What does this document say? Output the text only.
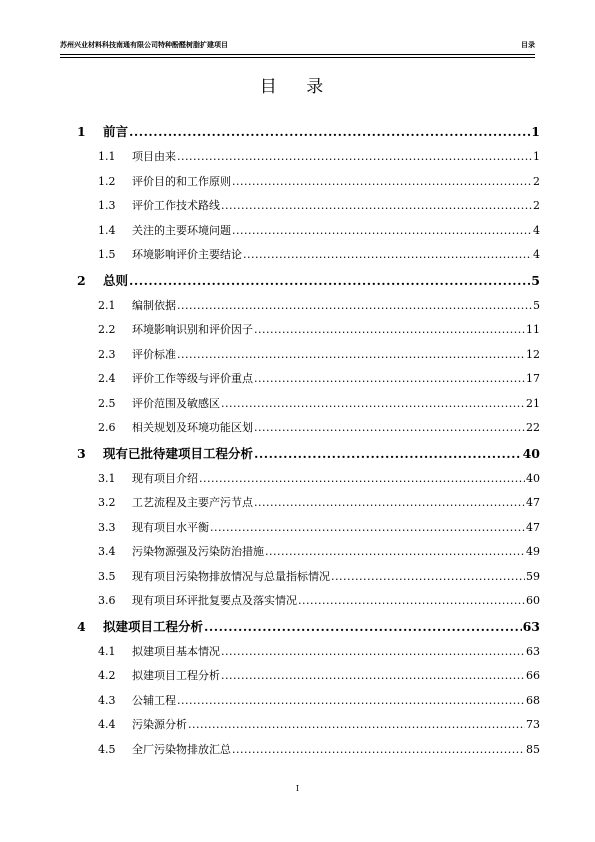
苏州兴业材料科技南通有限公司特种酚醛树脂扩建项目	目录
目 录
1	前言 .....	1
1.1	项目由来 .....	1
1.2	评价目的和工作原则 .....	2
1.3	评价工作技术路线 .....	2
1.4	关注的主要环境问题 .....	4
1.5	环境影响评价主要结论 .....	4
2	总则 .....	5
2.1	编制依据 .....	5
2.2	环境影响识别和评价因子 .....	11
2.3	评价标准 .....	12
2.4	评价工作等级与评价重点 .....	17
2.5	评价范围及敏感区 .....	21
2.6	相关规划及环境功能区划 .....	22
3	现有已批待建项目工程分析 .....	40
3.1	现有项目介绍 .....	40
3.2	工艺流程及主要产污节点 .....	47
3.3	现有项目水平衡 .....	47
3.4	污染物源强及污染防治措施 .....	49
3.5	现有项目污染物排放情况与总量指标情况 .....	59
3.6	现有项目环评批复要点及落实情况 .....	60
4	拟建项目工程分析 .....	63
4.1	拟建项目基本情况 .....	63
4.2	拟建项目工程分析 .....	66
4.3	公辅工程 .....	68
4.4	污染源分析 .....	73
4.5	全厂污染物排放汇总 .....	85
I
